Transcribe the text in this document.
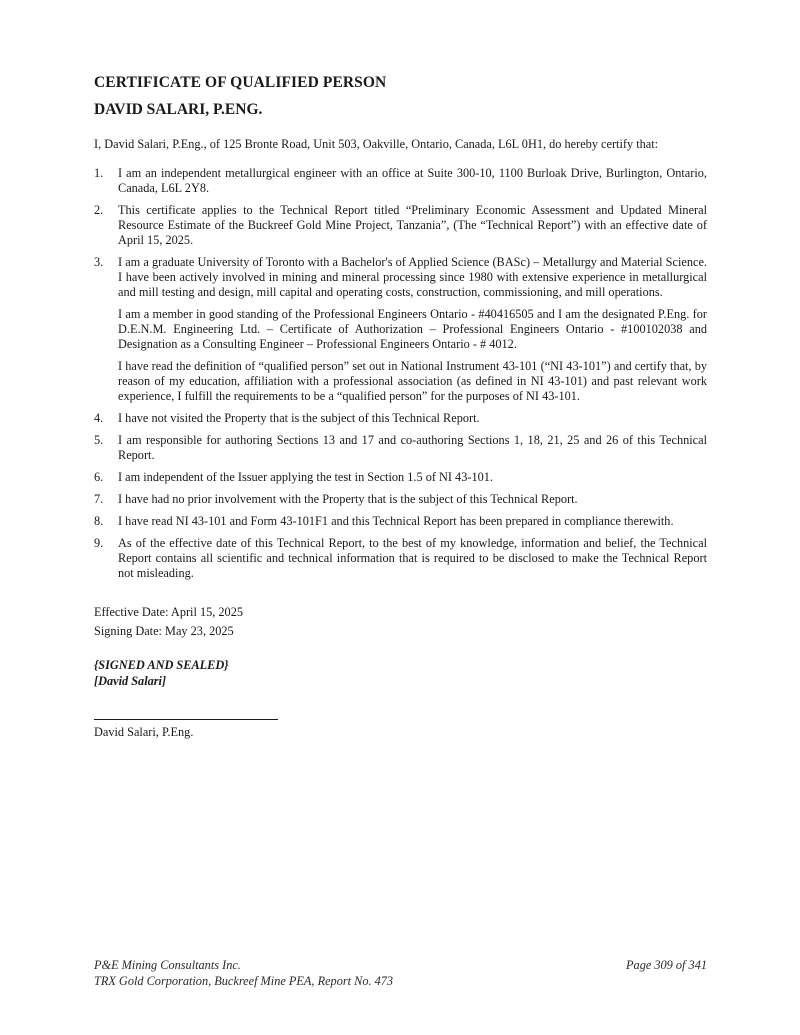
CERTIFICATE OF QUALIFIED PERSON
DAVID SALARI, P.ENG.

I, David Salari, P.Eng., of 125 Bronte Road, Unit 503, Oakville, Ontario, Canada, L6L 0H1, do hereby certify that:

1. I am an independent metallurgical engineer with an office at Suite 300-10, 1100 Burloak Drive, Burlington, Ontario, Canada, L6L 2Y8.

2. This certificate applies to the Technical Report titled “Preliminary Economic Assessment and Updated Mineral Resource Estimate of the Buckreef Gold Mine Project, Tanzania”, (The “Technical Report”) with an effective date of April 15, 2025.

3. I am a graduate University of Toronto with a Bachelor's of Applied Science (BASc) – Metallurgy and Material Science. I have been actively involved in mining and mineral processing since 1980 with extensive experience in metallurgical and mill testing and design, mill capital and operating costs, construction, commissioning, and mill operations.

I am a member in good standing of the Professional Engineers Ontario - #40416505 and I am the designated P.Eng. for D.E.N.M. Engineering Ltd. – Certificate of Authorization – Professional Engineers Ontario - #100102038 and Designation as a Consulting Engineer – Professional Engineers Ontario - # 4012.

I have read the definition of “qualified person” set out in National Instrument 43-101 (“NI 43-101”) and certify that, by reason of my education, affiliation with a professional association (as defined in NI 43-101) and past relevant work experience, I fulfill the requirements to be a “qualified person” for the purposes of NI 43-101.

4. I have not visited the Property that is the subject of this Technical Report.

5. I am responsible for authoring Sections 13 and 17 and co-authoring Sections 1, 18, 21, 25 and 26 of this Technical Report.

6. I am independent of the Issuer applying the test in Section 1.5 of NI 43-101.

7. I have had no prior involvement with the Property that is the subject of this Technical Report.

8. I have read NI 43-101 and Form 43-101F1 and this Technical Report has been prepared in compliance therewith.

9. As of the effective date of this Technical Report, to the best of my knowledge, information and belief, the Technical Report contains all scientific and technical information that is required to be disclosed to make the Technical Report not misleading.

Effective Date: April 15, 2025
Signing Date: May 23, 2025
{SIGNED AND SEALED}
[David Salari]
David Salari, P.Eng.
P&E Mining Consultants Inc.	Page 309 of 341
TRX Gold Corporation, Buckreef Mine PEA, Report No. 473
